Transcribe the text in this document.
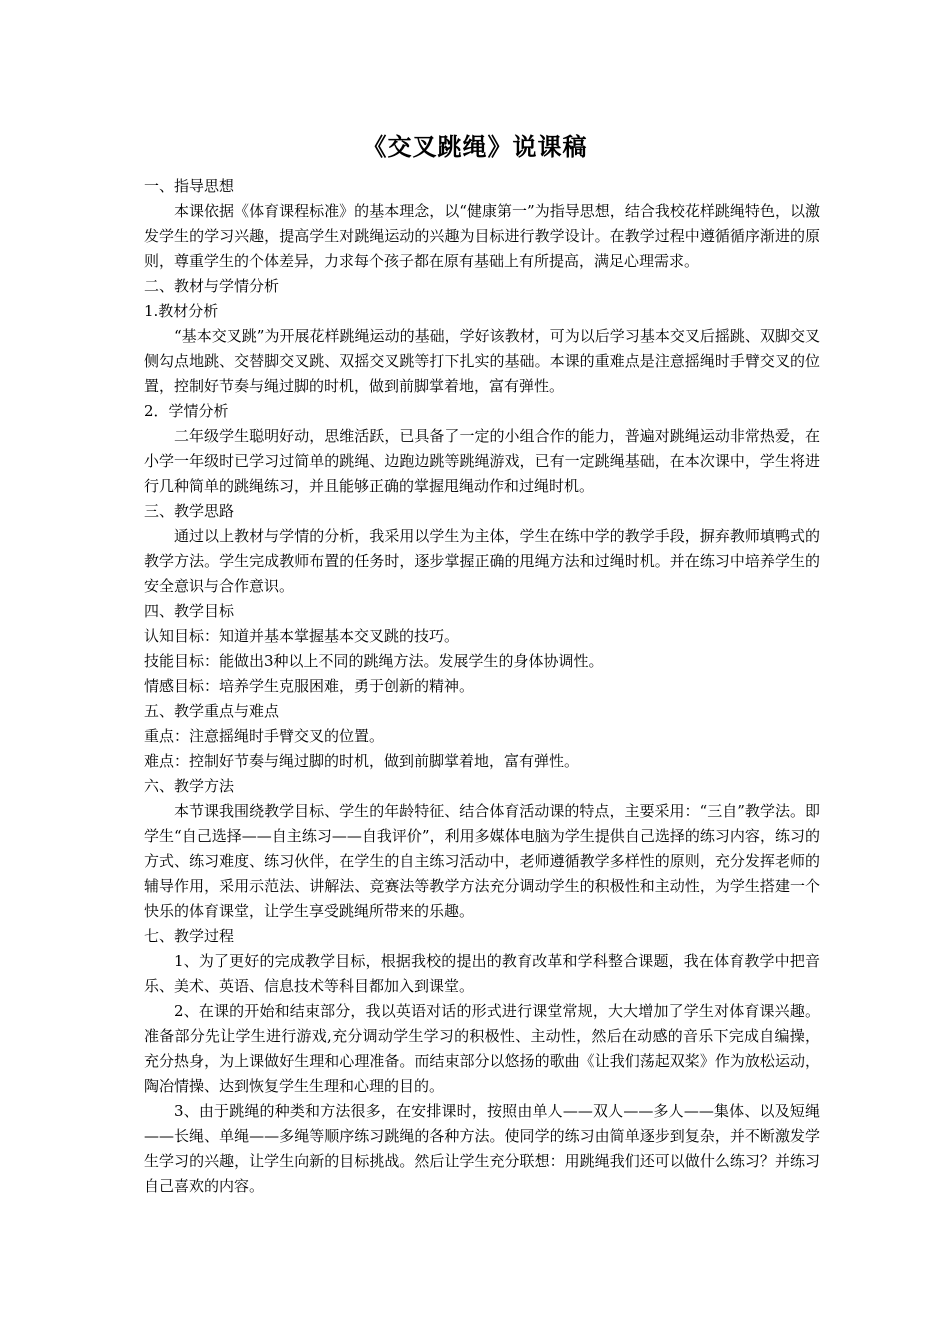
《交叉跳绳》说课稿

一、指导思想

本课依据《体育课程标准》的基本理念，以“健康第一”为指导思想，结合我校花样跳绳特色，以激发学生的学习兴趣，提高学生对跳绳运动的兴趣为目标进行教学设计。在教学过程中遵循循序渐进的原则，尊重学生的个体差异，力求每个孩子都在原有基础上有所提高，满足心理需求。

二、教材与学情分析

1.教材分析

“基本交叉跳”为开展花样跳绳运动的基础，学好该教材，可为以后学习基本交叉后摇跳、双脚交叉侧勾点地跳、交替脚交叉跳、双摇交叉跳等打下扎实的基础。本课的重难点是注意摇绳时手臂交叉的位置，控制好节奏与绳过脚的时机，做到前脚掌着地，富有弹性。

2．学情分析

二年级学生聪明好动，思维活跃，已具备了一定的小组合作的能力，普遍对跳绳运动非常热爱，在小学一年级时已学习过简单的跳绳、边跑边跳等跳绳游戏，已有一定跳绳基础，在本次课中，学生将进行几种简单的跳绳练习，并且能够正确的掌握甩绳动作和过绳时机。

三、教学思路

通过以上教材与学情的分析，我采用以学生为主体，学生在练中学的教学手段，摒弃教师填鸭式的教学方法。学生完成教师布置的任务时，逐步掌握正确的甩绳方法和过绳时机。并在练习中培养学生的安全意识与合作意识。

四、教学目标

认知目标：知道并基本掌握基本交叉跳的技巧。

技能目标：能做出3种以上不同的跳绳方法。发展学生的身体协调性。

情感目标：培养学生克服困难，勇于创新的精神。

五、教学重点与难点

重点：注意摇绳时手臂交叉的位置。

难点：控制好节奏与绳过脚的时机，做到前脚掌着地，富有弹性。

六、教学方法

本节课我围绕教学目标、学生的年龄特征、结合体育活动课的特点，主要采用：“三自”教学法。即学生“自己选择——自主练习——自我评价”，利用多媒体电脑为学生提供自己选择的练习内容，练习的方式、练习难度、练习伙伴，在学生的自主练习活动中，老师遵循教学多样性的原则，充分发挥老师的辅导作用，采用示范法、讲解法、竞赛法等教学方法充分调动学生的积极性和主动性，为学生搭建一个快乐的体育课堂，让学生享受跳绳所带来的乐趣。

七、教学过程

1、为了更好的完成教学目标，根据我校的提出的教育改革和学科整合课题，我在体育教学中把音乐、美术、英语、信息技术等科目都加入到课堂。

2、在课的开始和结束部分，我以英语对话的形式进行课堂常规，大大增加了学生对体育课兴趣。准备部分先让学生进行游戏,充分调动学生学习的积极性、主动性，然后在动感的音乐下完成自编操，充分热身，为上课做好生理和心理准备。而结束部分以悠扬的歌曲《让我们荡起双桨》作为放松运动，陶冶情操、达到恢复学生生理和心理的目的。

3、由于跳绳的种类和方法很多，在安排课时，按照由单人——双人——多人——集体、以及短绳——长绳、单绳——多绳等顺序练习跳绳的各种方法。使同学的练习由简单逐步到复杂，并不断激发学生学习的兴趣，让学生向新的目标挑战。然后让学生充分联想：用跳绳我们还可以做什么练习？并练习自己喜欢的内容。
